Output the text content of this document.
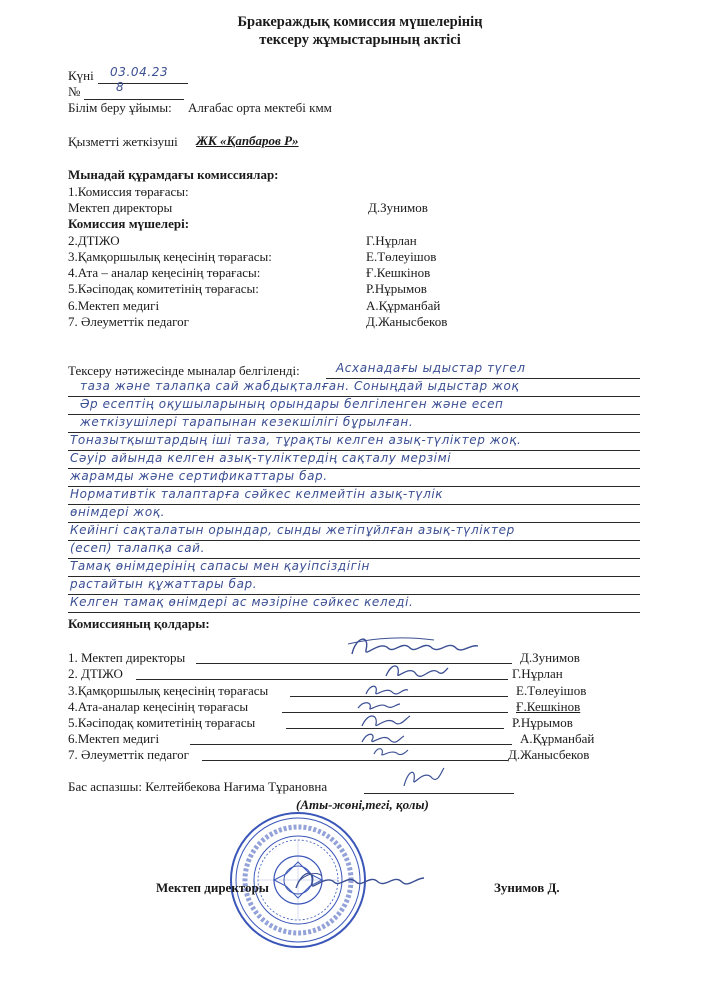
Бракераждық комиссия мүшелерінің
тексеру жұмыстарының актісі
Күні 03.04.23
№	8
Білім беру ұйымы: Алғабас орта мектебі кмм
Қызметті жеткізуші ЖК «Қапбаров Р»
Мынадай құрамдағы комиссиялар:
1.Комиссия төрағасы:
Мектеп директоры	Д.Зунимов
Комиссия мүшелері:
2.ДТІЖО	Г.Нұрлан
3.Қамқоршылық кеңесінің төрағасы:	Е.Төлеуішов
4.Ата – аналар кеңесінің төрағасы:	Ғ.Кешкінов
5.Кәсіподақ комитетінің төрағасы:	Р.Нұрымов
6.Мектеп медигі	А.Құрманбай
7. Әлеуметтік педагог	Д.Жанысбеков
Тексеру нәтижесінде мыналар белгіленді:	Асханадағы ыдыстар түгел
таза және талапқа сай жабдықталған. Соныңдай ыдыстар жоқ
Әр есептің оқушыларының орындары белгіленген және есеп
жеткізушілері тарапынан кезекшілігі бұрылған.
Тоназытқыштардың іші таза, тұрақты келген азық-түліктер жоқ.
Сәуір айында келген азық-түліктердің сақталу мерзімі
жарамды және сертификаттары бар.
Нормативтік талаптарға сәйкес келмейтін азық-түлік
өнімдері жоқ.
Кейінгі сақталатын орындар, сынды жетіпұйлған азық-түліктер
(есеп) талапқа сай.
Тамақ өнімдерінің сапасы мен қауіпсіздігін
растайтын құжаттары бар.
Келген тамақ өнімдері ас мәзіріне сәйкес келеді.
Комиссияның қолдары:
1. Мектеп директоры	Д.Зунимов
2. ДТІЖО	Г.Нұрлан
3.Қамқоршылық кеңесінің төрағасы	Е.Төлеуішов
4.Ата-аналар кеңесінің төрағасы	Ғ.Кешкінов
5.Кәсіподақ комитетінің төрағасы	Р.Нұрымов
6.Мектеп медигі	А.Құрманбай
7. Әлеуметтік педагог	Д.Жанысбеков
Бас аспазшы: Келтейбекова Нағима Тұрановна
(Аты-жөні,тегі, қолы)
Мектеп директоры	Зунимов Д.
